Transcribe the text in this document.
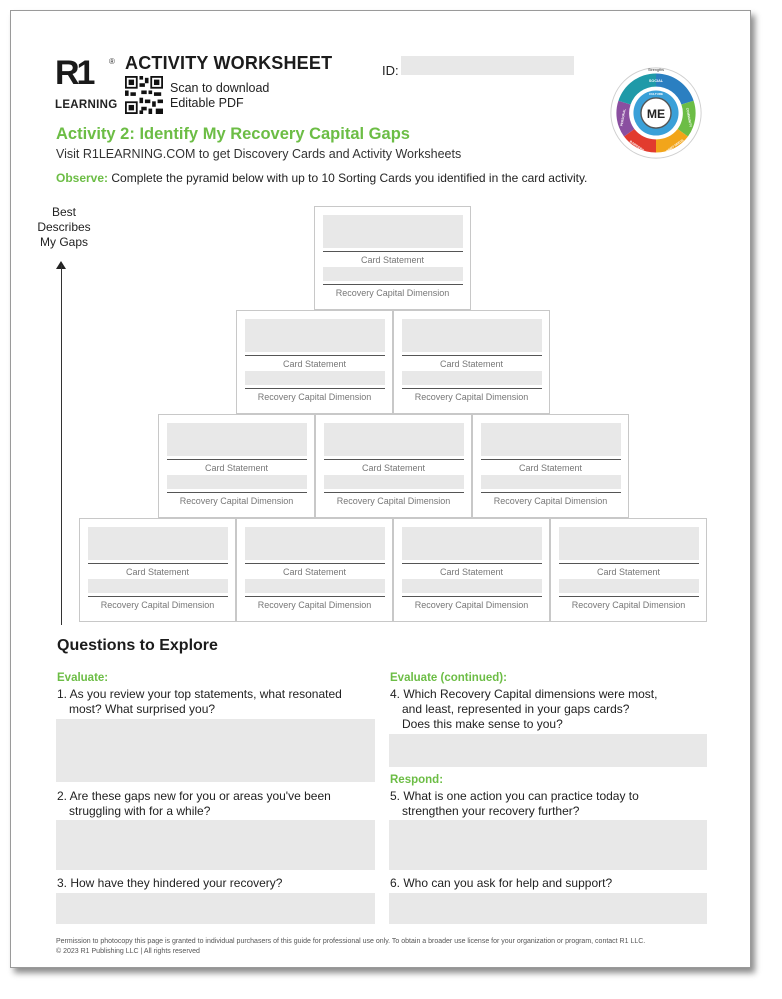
R1 ®
LEARNING
ACTIVITY WORKSHEET
Scan to download
Editable PDF
ID:	Strengths
SOCIAL
COMMUNITY
UNMET NEEDS
BARRIERS
PERSONAL
CULTURE
ME
Activity 2: Identify My Recovery Capital Gaps
Visit R1LEARNING.COM to get Discovery Cards and Activity Worksheets
Observe: Complete the pyramid below with up to 10 Sorting Cards you identified in the card activity.
Best
Describes
My Gaps
Card Statement
Recovery Capital Dimension
Card Statement
Recovery Capital Dimension
Card Statement
Recovery Capital Dimension
Card Statement
Recovery Capital Dimension
Card Statement
Recovery Capital Dimension
Card Statement
Recovery Capital Dimension
Card Statement
Recovery Capital Dimension
Card Statement
Recovery Capital Dimension
Card Statement
Recovery Capital Dimension
Card Statement
Recovery Capital Dimension
Questions to Explore
Evaluate:
1. As you review your top statements, what resonated
most? What surprised you?
2. Are these gaps new for you or areas you've been
struggling with for a while?
3. How have they hindered your recovery?
Evaluate (continued):
4. Which Recovery Capital dimensions were most,
and least, represented in your gaps cards?
Does this make sense to you?
Respond:
5. What is one action you can practice today to
strengthen your recovery further?
6. Who can you ask for help and support?
Permission to photocopy this page is granted to individual purchasers of this guide for professional use only. To obtain a broader use license for your organization or program, contact R1 LLC.
© 2023 R1 Publishing LLC | All rights reserved
